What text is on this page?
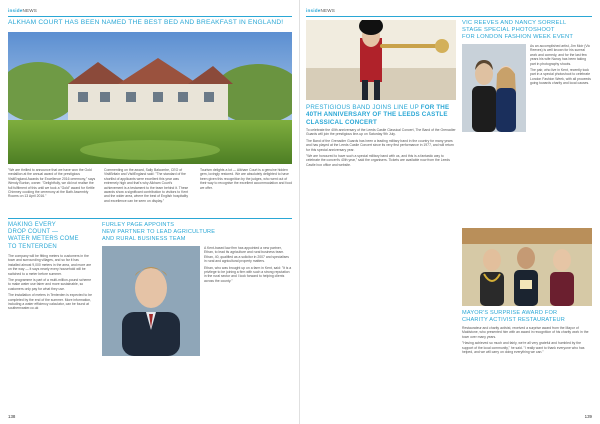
insideNEWS
ALKHAM COURT HAS BEEN NAMED THE BEST BED AND BREAKFAST IN ENGLAND!
"We are thrilled to announce that we have won the Gold medallion at the annual award of the prestigious VisitEngland Awards for Excellence 2016 ceremony," says Wendy Burton, owner. "Delightfully, we did not realise the full fulfilment of this until we took a "Gold" award for Kettle Chimney cooking the ceremony at the Bath Assembly Rooms on 13 April 2016."
Commenting on the award, Sally Balcombe, CEO of VisitBritain and VisitEngland said: "The standard of the shortlist of applicants were excellent this year was extremely high and that's why Alkham Court's achievement is a testament to the team behind it. These awards show a significant contribution to visitors to Kent and the wider area, where the best of English hospitality and excellence can be seen on display."
Tourism delights a lot — Alkham Court is a genuine hidden gem, lovingly restored. We are absolutely delighted to have been given this recognition by the judges, who went out of their way to recognise the excellent accommodation and food we offer.
MAKING EVERY
DROP COUNT —
WATER METERS COME
TO TENTERDEN

The company will be fitting meters to customers in the town and surrounding villages, and so far it has installed almost 9,000 meters in the area, and more are on the way — it says nearly every household will be switched to a meter before summer.

The programme is part of a multi-million-pound scheme to make water use fairer and more sustainable, so customers only pay for what they use.

The installation of meters in Tenterden is expected to be completed by the end of the summer. More information, including a water efficiency calculator, can be found at southernwater.co.uk

FURLEY PAGE APPOINTS
NEW PARTNER TO LEAD AGRICULTURE
AND RURAL BUSINESS TEAM

A Kent-based law firm has appointed a new partner, Ethan, to lead its agriculture and rural business team. Ethan, 40, qualified as a solicitor in 2007 and specialises in rural and agricultural property matters.

Ethan, who was brought up on a farm in Kent, said: "It is a privilege to be joining a firm with such a strong reputation in the rural sector and I look forward to helping clients across the county."

138
insideNEWS
PRESTIGIOUS BAND JOINS LINE UP FOR THE 40TH ANNIVERSARY OF THE LEEDS CASTLE CLASSICAL CONCERT

To celebrate the 40th anniversary of the Leeds Castle Classical Concert, The Band of the Grenadier Guards will join the prestigious line-up on Saturday 9th July.

The Band of the Grenadier Guards has been a leading military band in the country for many years and has played at the Leeds Castle Concert since its very first performance in 1977, and will return for this special anniversary year.

"We are honoured to have such a special military band with us, and this is a fantastic way to celebrate the concert's 40th year," said the organisers. Tickets are available now from the Leeds Castle box office and website.

VIC REEVES AND NANCY SORRELL
STAGE SPECIAL PHOTOSHOOT
FOR LONDON FASHION WEEK EVENT

As an accomplished artist, Jim Moir (Vic Reeves) is well known for his surreal work and comedy, and for the last few years his wife Nancy has been taking part in photography shoots.

The pair, who live in Kent, recently took part in a special photoshoot to celebrate London Fashion Week, with all proceeds going towards charity and local causes.

MAYOR'S SURPRISE AWARD FOR
CHARITY ACTIVIST RESTAURATEUR

Restaurateur and charity activist, received a surprise award from the Mayor of Maidstone, who presented him with an award in recognition of his charity work in the town over many years.

"Having achieved so much and fairly, we're all very grateful and humbled by the support of the local community," he said. "I really want to thank everyone who has helped, and we will carry on doing everything we can."

139
